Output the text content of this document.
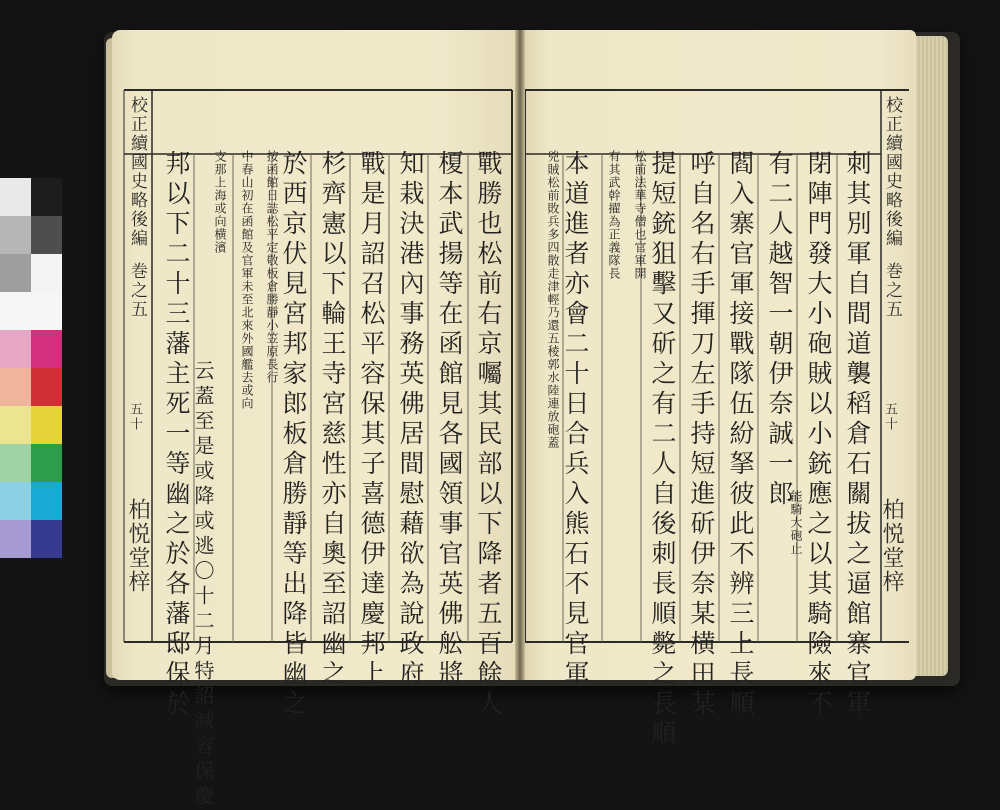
校正續國史略後編
巻之五
五十
柏悦堂梓	戰勝也松前右京囑其民部以下降者五百餘人
榎本武揚等在函館見各國領事官英佛舩將
知栽決港內事務英佛居間慰藉欲為說政府
戰是月詔召松平容保其子喜德伊達慶邦上
杉齊憲以下輪王寺宮慈性亦自奧至詔幽之
於西京伏見宮邦家郎板倉勝靜等出降皆幽之
按函館日誌松平定敬板倉勝靜小笠原長行
中春山初在函館及官軍未至北來外國艦去或向
支那上海或向横濱
云蓋至是或降或逃〇十二月特詔減容保慶
邦以下二十三藩主死一等幽之於各藩邸保於	刺其別軍自間道襲稻倉石關拔之逼館寨官軍
閉陣門發大小砲賊以小銃應之以其騎險來不
有二人越智一朝伊奈誠一郎
閻入寨官軍接戰隊伍紛拏彼此不辨三上長順
呼自名右手揮刀左手持短進斫伊奈某横田某
提短銃狙擊又斫之有二人自後刺長順斃之長順
松前法華寺僧也官軍開
有其武幹擢為正義隊長
本道進者亦會二十日合兵入熊石不見官軍
兇賊松前敗兵多四散走津輕乃還五稜郭水陸連放砲蓋
能騎大砲止
校正續國史略後編
巻之五
五十
柏悦堂梓
